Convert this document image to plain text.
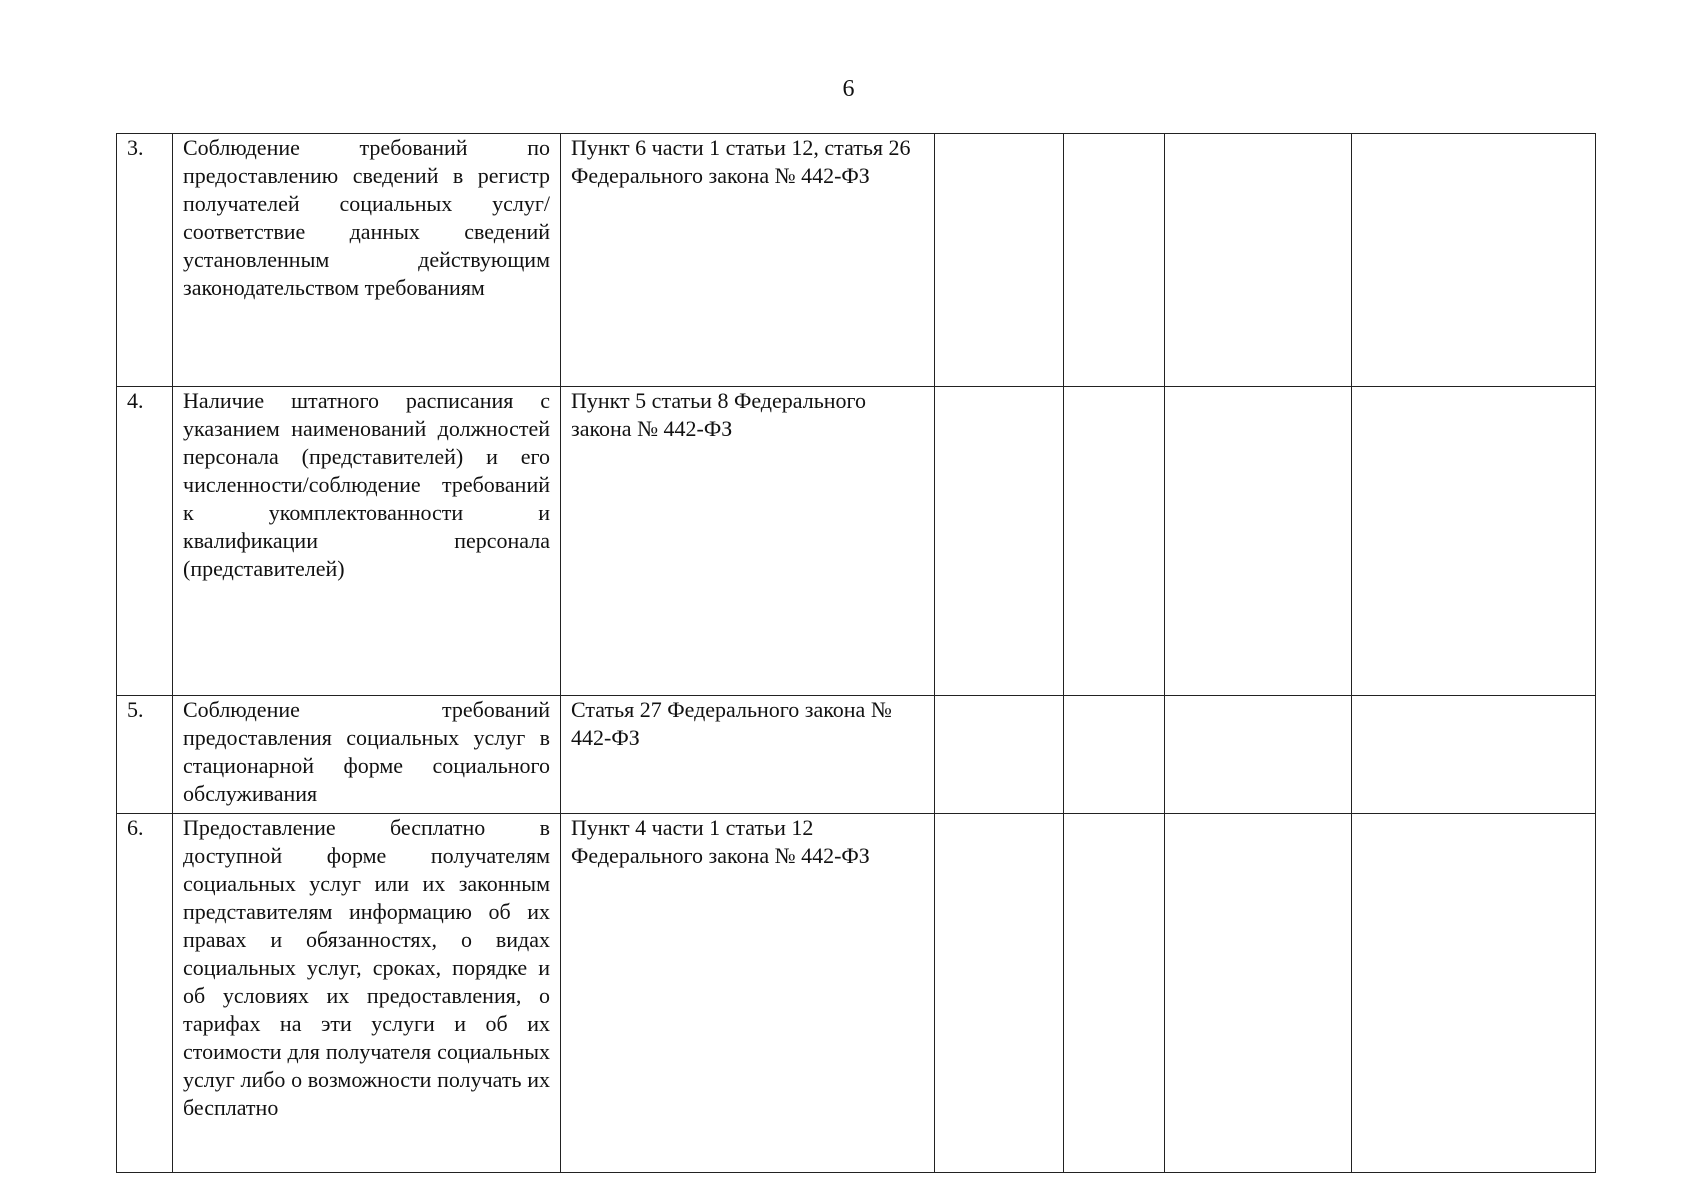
6
3.	Соблюдение требований по предоставлению сведений в регистр получателей социальных услуг/соответствие данных сведений установленным действующим законодательством требованиям	Пункт 6 части 1 статьи 12, статья 26 Федерального закона № 442-ФЗ				

4.	Наличие штатного расписания с указанием наименований должностей персонала (представителей) и его численности/соблюдение требований к укомплектованности и квалификации персонала (представителей)	Пункт 5 статьи 8 Федерального закона № 442-ФЗ				

5.	Соблюдение требований предоставления социальных услуг в стационарной форме социального обслуживания	Статья 27 Федерального закона № 442-ФЗ				

6.	Предоставление бесплатно в доступной форме получателям социальных услуг или их законным представителям информацию об их правах и обязанностях, о видах социальных услуг, сроках, порядке и об условиях их предоставления, о тарифах на эти услуги и об их стоимости для получателя социальных услуг либо о возможности получать их бесплатно	Пункт 4 части 1 статьи 12 Федерального закона № 442-ФЗ				
